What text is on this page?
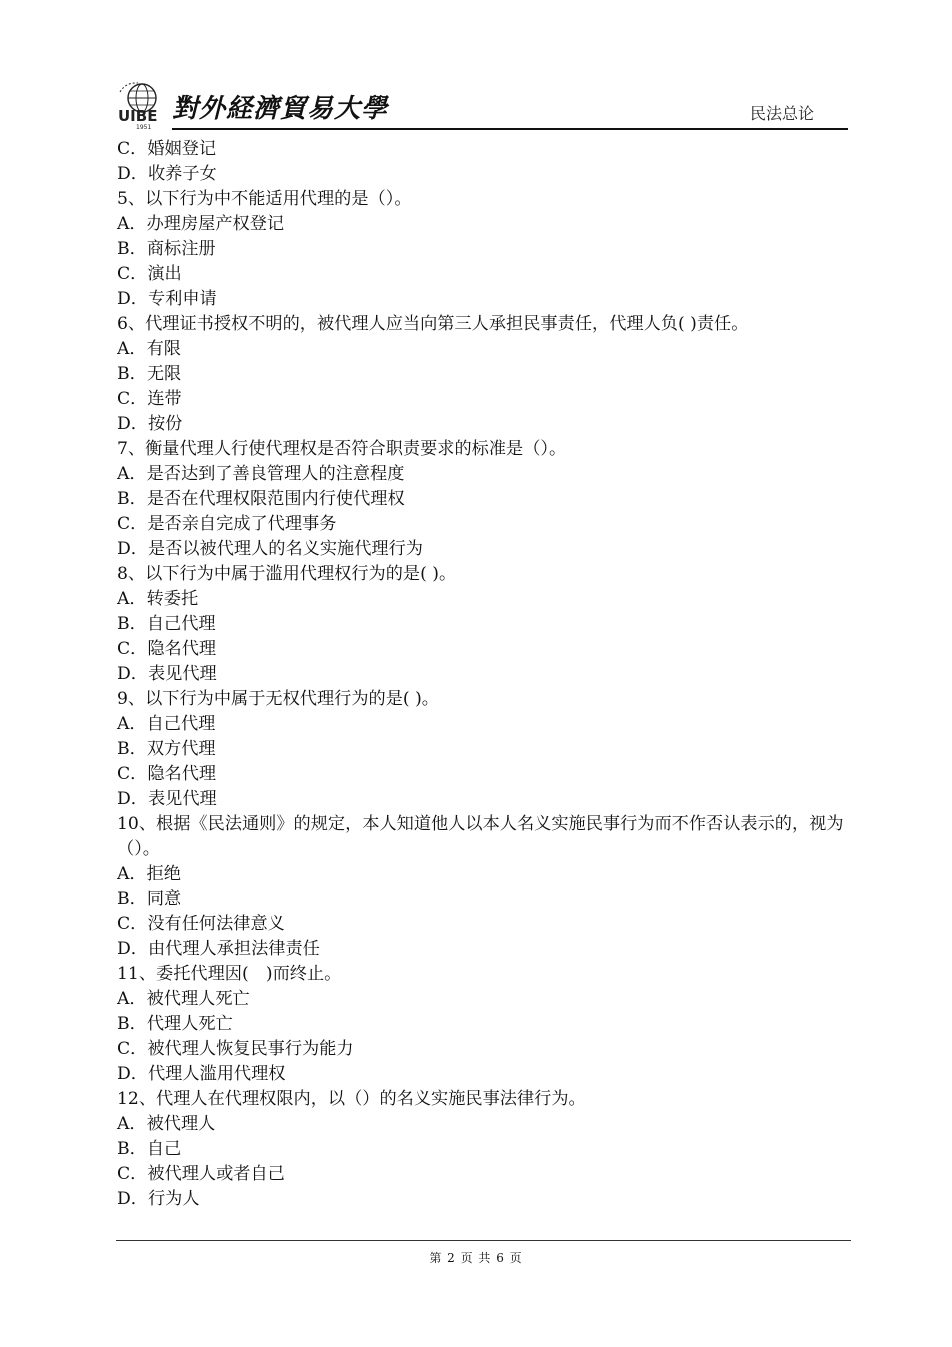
UIBE
1951
對外経濟貿易大學	民法总论
C．婚姻登记
D．收养子女
5、以下行为中不能适用代理的是（）。
A．办理房屋产权登记
B．商标注册
C．演出
D．专利申请
6、代理证书授权不明的，被代理人应当向第三人承担民事责任，代理人负( )责任。
A．有限
B．无限
C．连带
D．按份
7、衡量代理人行使代理权是否符合职责要求的标准是（）。
A．是否达到了善良管理人的注意程度
B．是否在代理权限范围内行使代理权
C．是否亲自完成了代理事务
D．是否以被代理人的名义实施代理行为
8、以下行为中属于滥用代理权行为的是( )。
A．转委托
B．自己代理
C．隐名代理
D．表见代理
9、以下行为中属于无权代理行为的是( )。
A．自己代理
B．双方代理
C．隐名代理
D．表见代理
10、根据《民法通则》的规定，本人知道他人以本人名义实施民事行为而不作否认表示的，视为（）。
A．拒绝
B．同意
C．没有任何法律意义
D．由代理人承担法律责任
11、委托代理因(　)而终止。
A．被代理人死亡
B．代理人死亡
C．被代理人恢复民事行为能力
D．代理人滥用代理权
12、代理人在代理权限内，以（）的名义实施民事法律行为。
A．被代理人
B．自己
C．被代理人或者自己
D．行为人
第 2 页 共 6 页
